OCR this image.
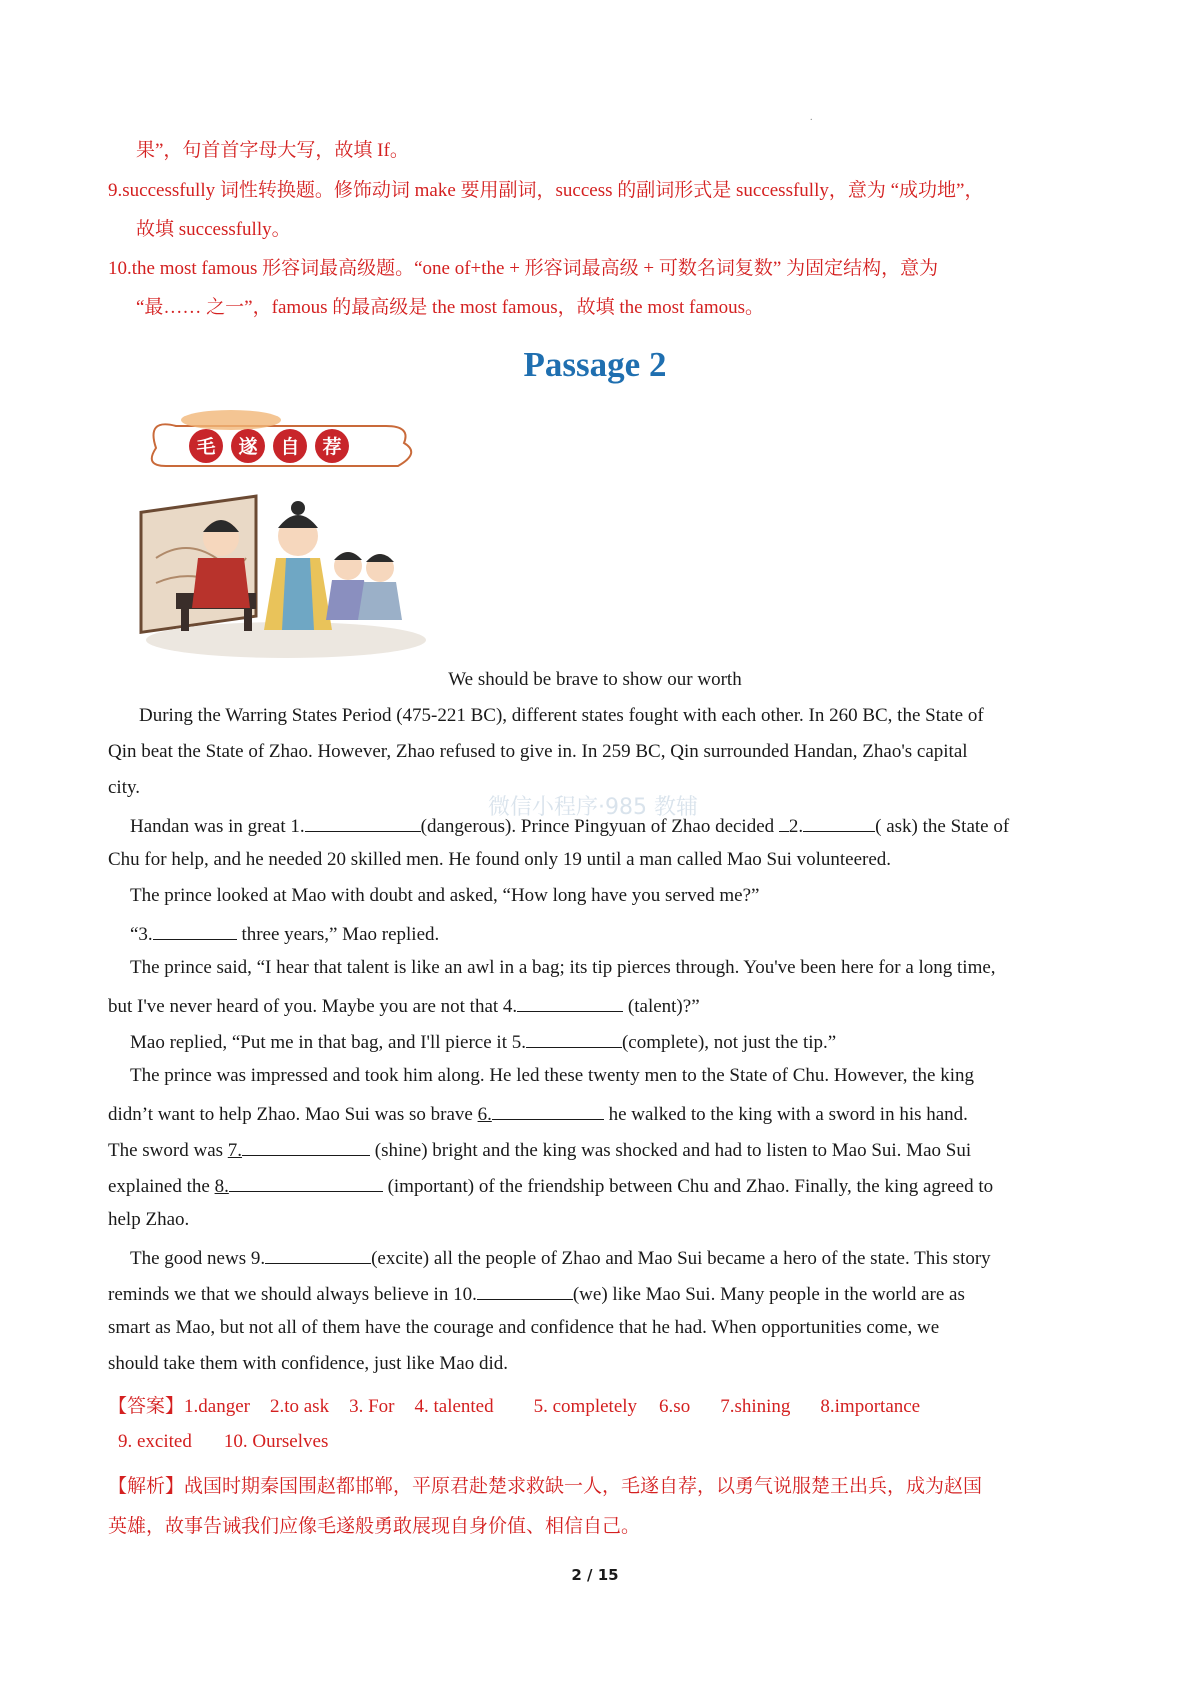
.
果”，句首首字母大写，故填 If。
9.successfully 词性转换题。修饰动词 make 要用副词，success 的副词形式是 successfully，意为 “成功地”，
故填 successfully。
10.the most famous 形容词最高级题。“one of+the + 形容词最高级 + 可数名词复数” 为固定结构，意为
“最…… 之一”，famous 的最高级是 the most famous，故填 the most famous。
Passage 2
毛 遂 自 荐
微信小程序·985 教辅
We should be brave to show our worth
During the Warring States Period (475-221 BC), different states fought with each other. In 260 BC, the State of
Qin beat the State of Zhao. However, Zhao refused to give in. In 259 BC, Qin surrounded Handan, Zhao's capital
city.
Handan was in great 1.	(dangerous). Prince Pingyuan of Zhao decided 2.	( ask) the State of
Chu for help, and he needed 20 skilled men. He found only 19 until a man called Mao Sui volunteered.
The prince looked at Mao with doubt and asked, “How long have you served me?”
“3.	three years,” Mao replied.
The prince said, “I hear that talent is like an awl in a bag; its tip pierces through. You've been here for a long time,
but I've never heard of you. Maybe you are not that 4.	(talent)?”
Mao replied, “Put me in that bag, and I'll pierce it 5.	(complete), not just the tip.”
The prince was impressed and took him along. He led these twenty men to the State of Chu. However, the king
didn’t want to help Zhao. Mao Sui was so brave 6.	he walked to the king with a sword in his hand.
The sword was 7.	(shine) bright and the king was shocked and had to listen to Mao Sui. Mao Sui
explained the 8.	(important) of the friendship between Chu and Zhao. Finally, the king agreed to
help Zhao.
The good news 9.	(excite) all the people of Zhao and Mao Sui became a hero of the state. This story
reminds we that we should always believe in 10.	(we) like Mao Sui. Many people in the world are as
smart as Mao, but not all of them have the courage and confidence that he had. When opportunities come, we
should take them with confidence, just like Mao did.
【答案】1.danger 2.to ask 3. For 4. talented 5. completely 6.so 7.shining 8.importance
9. excited 10. Ourselves
【解析】战国时期秦国围赵都邯郸，平原君赴楚求救缺一人，毛遂自荐，以勇气说服楚王出兵，成为赵国
英雄，故事告诫我们应像毛遂般勇敢展现自身价值、相信自己。
2 / 15
